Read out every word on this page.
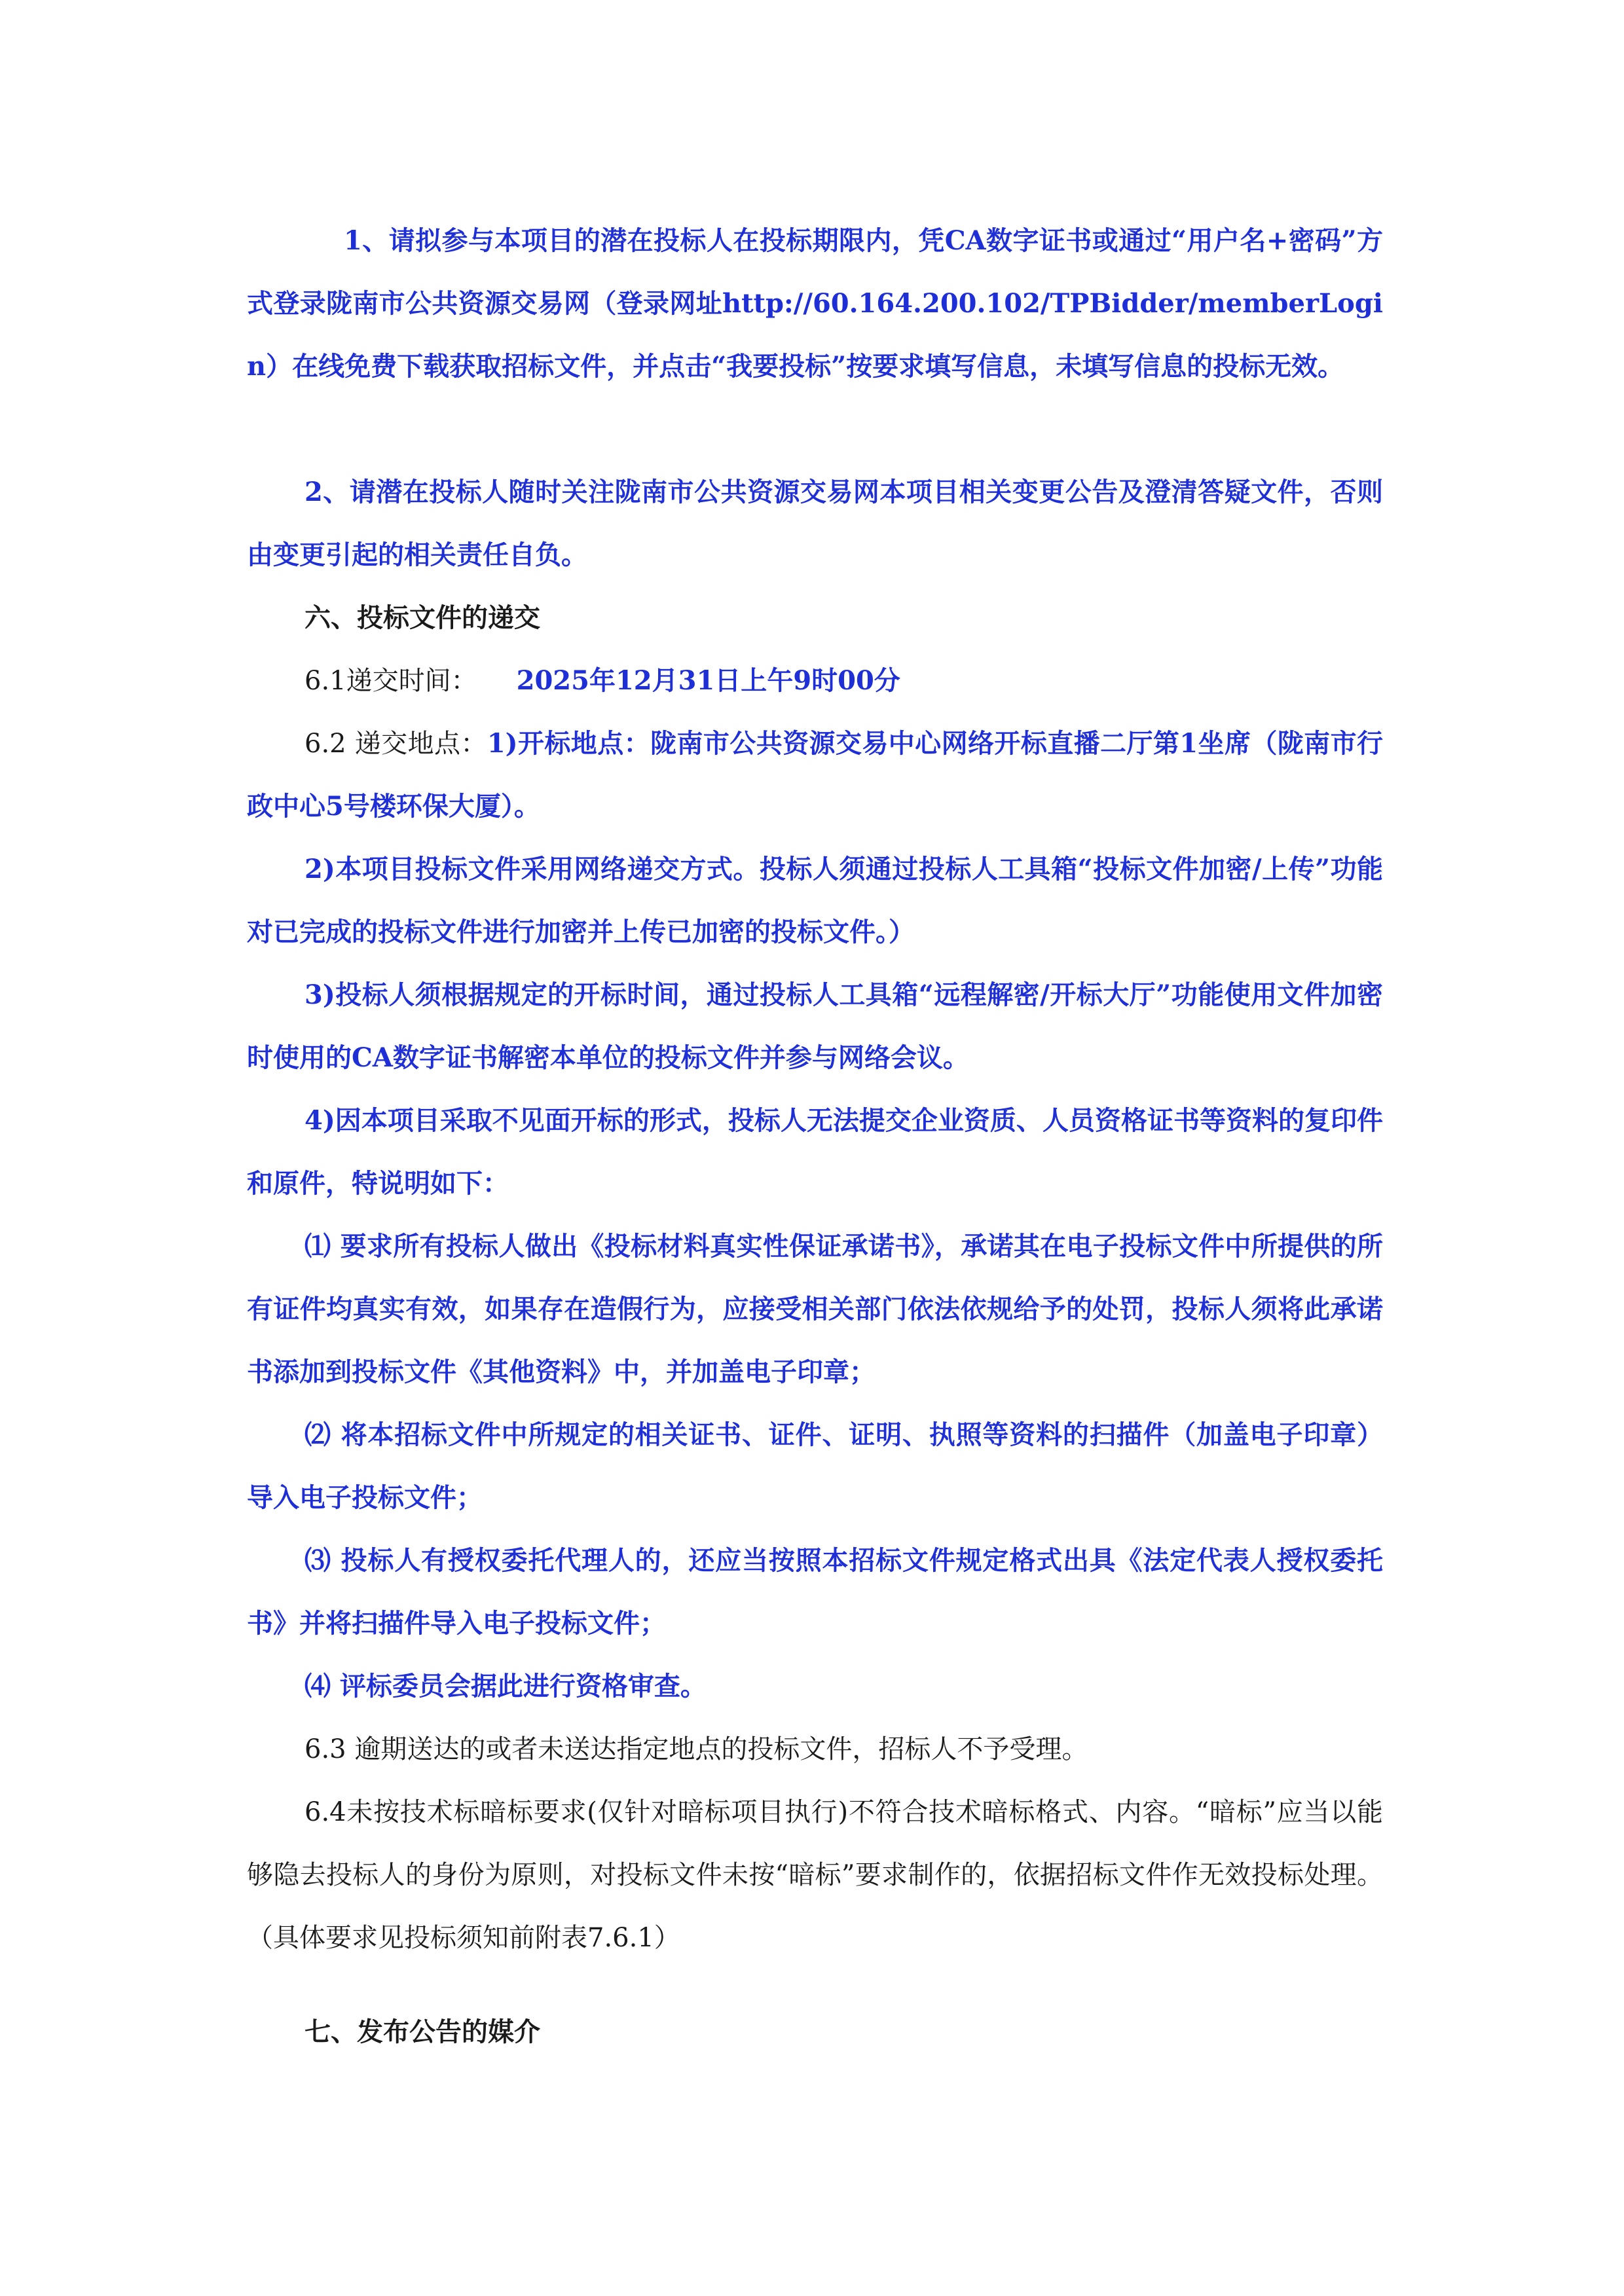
1、请拟参与本项目的潜在投标人在投标期限内，凭CA数字证书或通过“用户名+密码”方式登录陇南市公共资源交易网（登录网址http://60.164.200.102/TPBidder/memberLogin）在线免费下载获取招标文件，并点击“我要投标”按要求填写信息，未填写信息的投标无效。

2、请潜在投标人随时关注陇南市公共资源交易网本项目相关变更公告及澄清答疑文件，否则由变更引起的相关责任自负。

六、投标文件的递交

6.1递交时间： 2025年12月31日上午9时00分

6.2 递交地点：1)开标地点：陇南市公共资源交易中心网络开标直播二厅第1坐席（陇南市行政中心5号楼环保大厦）。

2)本项目投标文件采用网络递交方式。投标人须通过投标人工具箱“投标文件加密/上传”功能对已完成的投标文件进行加密并上传已加密的投标文件。）

3)投标人须根据规定的开标时间，通过投标人工具箱“远程解密/开标大厅”功能使用文件加密时使用的CA数字证书解密本单位的投标文件并参与网络会议。

4)因本项目采取不见面开标的形式，投标人无法提交企业资质、人员资格证书等资料的复印件和原件，特说明如下：

⑴ 要求所有投标人做出《投标材料真实性保证承诺书》，承诺其在电子投标文件中所提供的所有证件均真实有效，如果存在造假行为，应接受相关部门依法依规给予的处罚，投标人须将此承诺书添加到投标文件《其他资料》中，并加盖电子印章；

⑵ 将本招标文件中所规定的相关证书、证件、证明、执照等资料的扫描件（加盖电子印章）导入电子投标文件；

⑶ 投标人有授权委托代理人的，还应当按照本招标文件规定格式出具《法定代表人授权委托书》并将扫描件导入电子投标文件；

⑷ 评标委员会据此进行资格审查。

6.3 逾期送达的或者未送达指定地点的投标文件，招标人不予受理。

6.4未按技术标暗标要求(仅针对暗标项目执行)不符合技术暗标格式、内容。“暗标”应当以能够隐去投标人的身份为原则，对投标文件未按“暗标”要求制作的，依据招标文件作无效投标处理。（具体要求见投标须知前附表7.6.1）

七、发布公告的媒介
